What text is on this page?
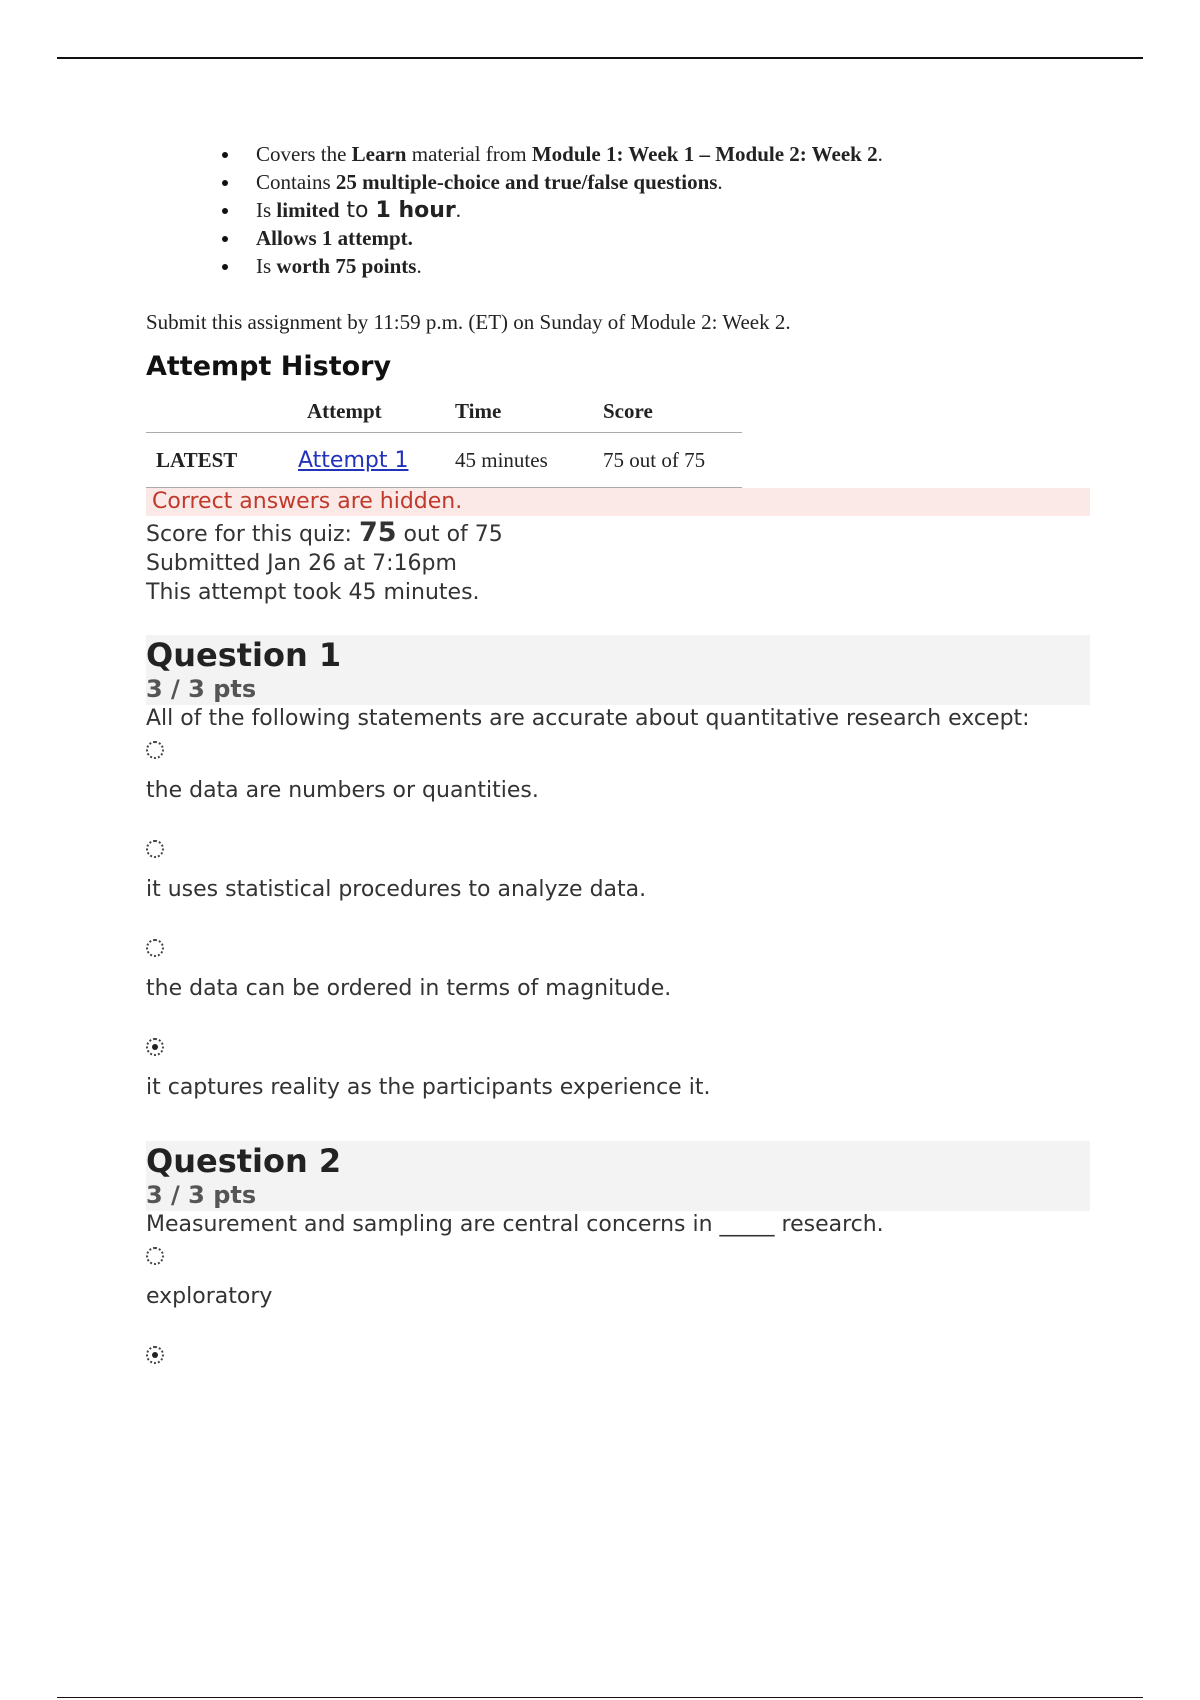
Covers the Learn material from Module 1: Week 1 – Module 2: Week 2.
Contains 25 multiple-choice and true/false questions.
Is limited to 1 hour.
Allows 1 attempt.
Is worth 75 points.
Submit this assignment by 11:59 p.m. (ET) on Sunday of Module 2: Week 2.
Attempt History
	Attempt	Time	Score
LATEST	Attempt 1	45 minutes	75 out of 75
Correct answers are hidden.
Score for this quiz: 75 out of 75
Submitted Jan 26 at 7:16pm
This attempt took 45 minutes.
Question 1
3 / 3 pts
All of the following statements are accurate about quantitative research except:
the data are numbers or quantities.
it uses statistical procedures to analyze data.
the data can be ordered in terms of magnitude.
it captures reality as the participants experience it.
Question 2
3 / 3 pts
Measurement and sampling are central concerns in _____ research.
exploratory
